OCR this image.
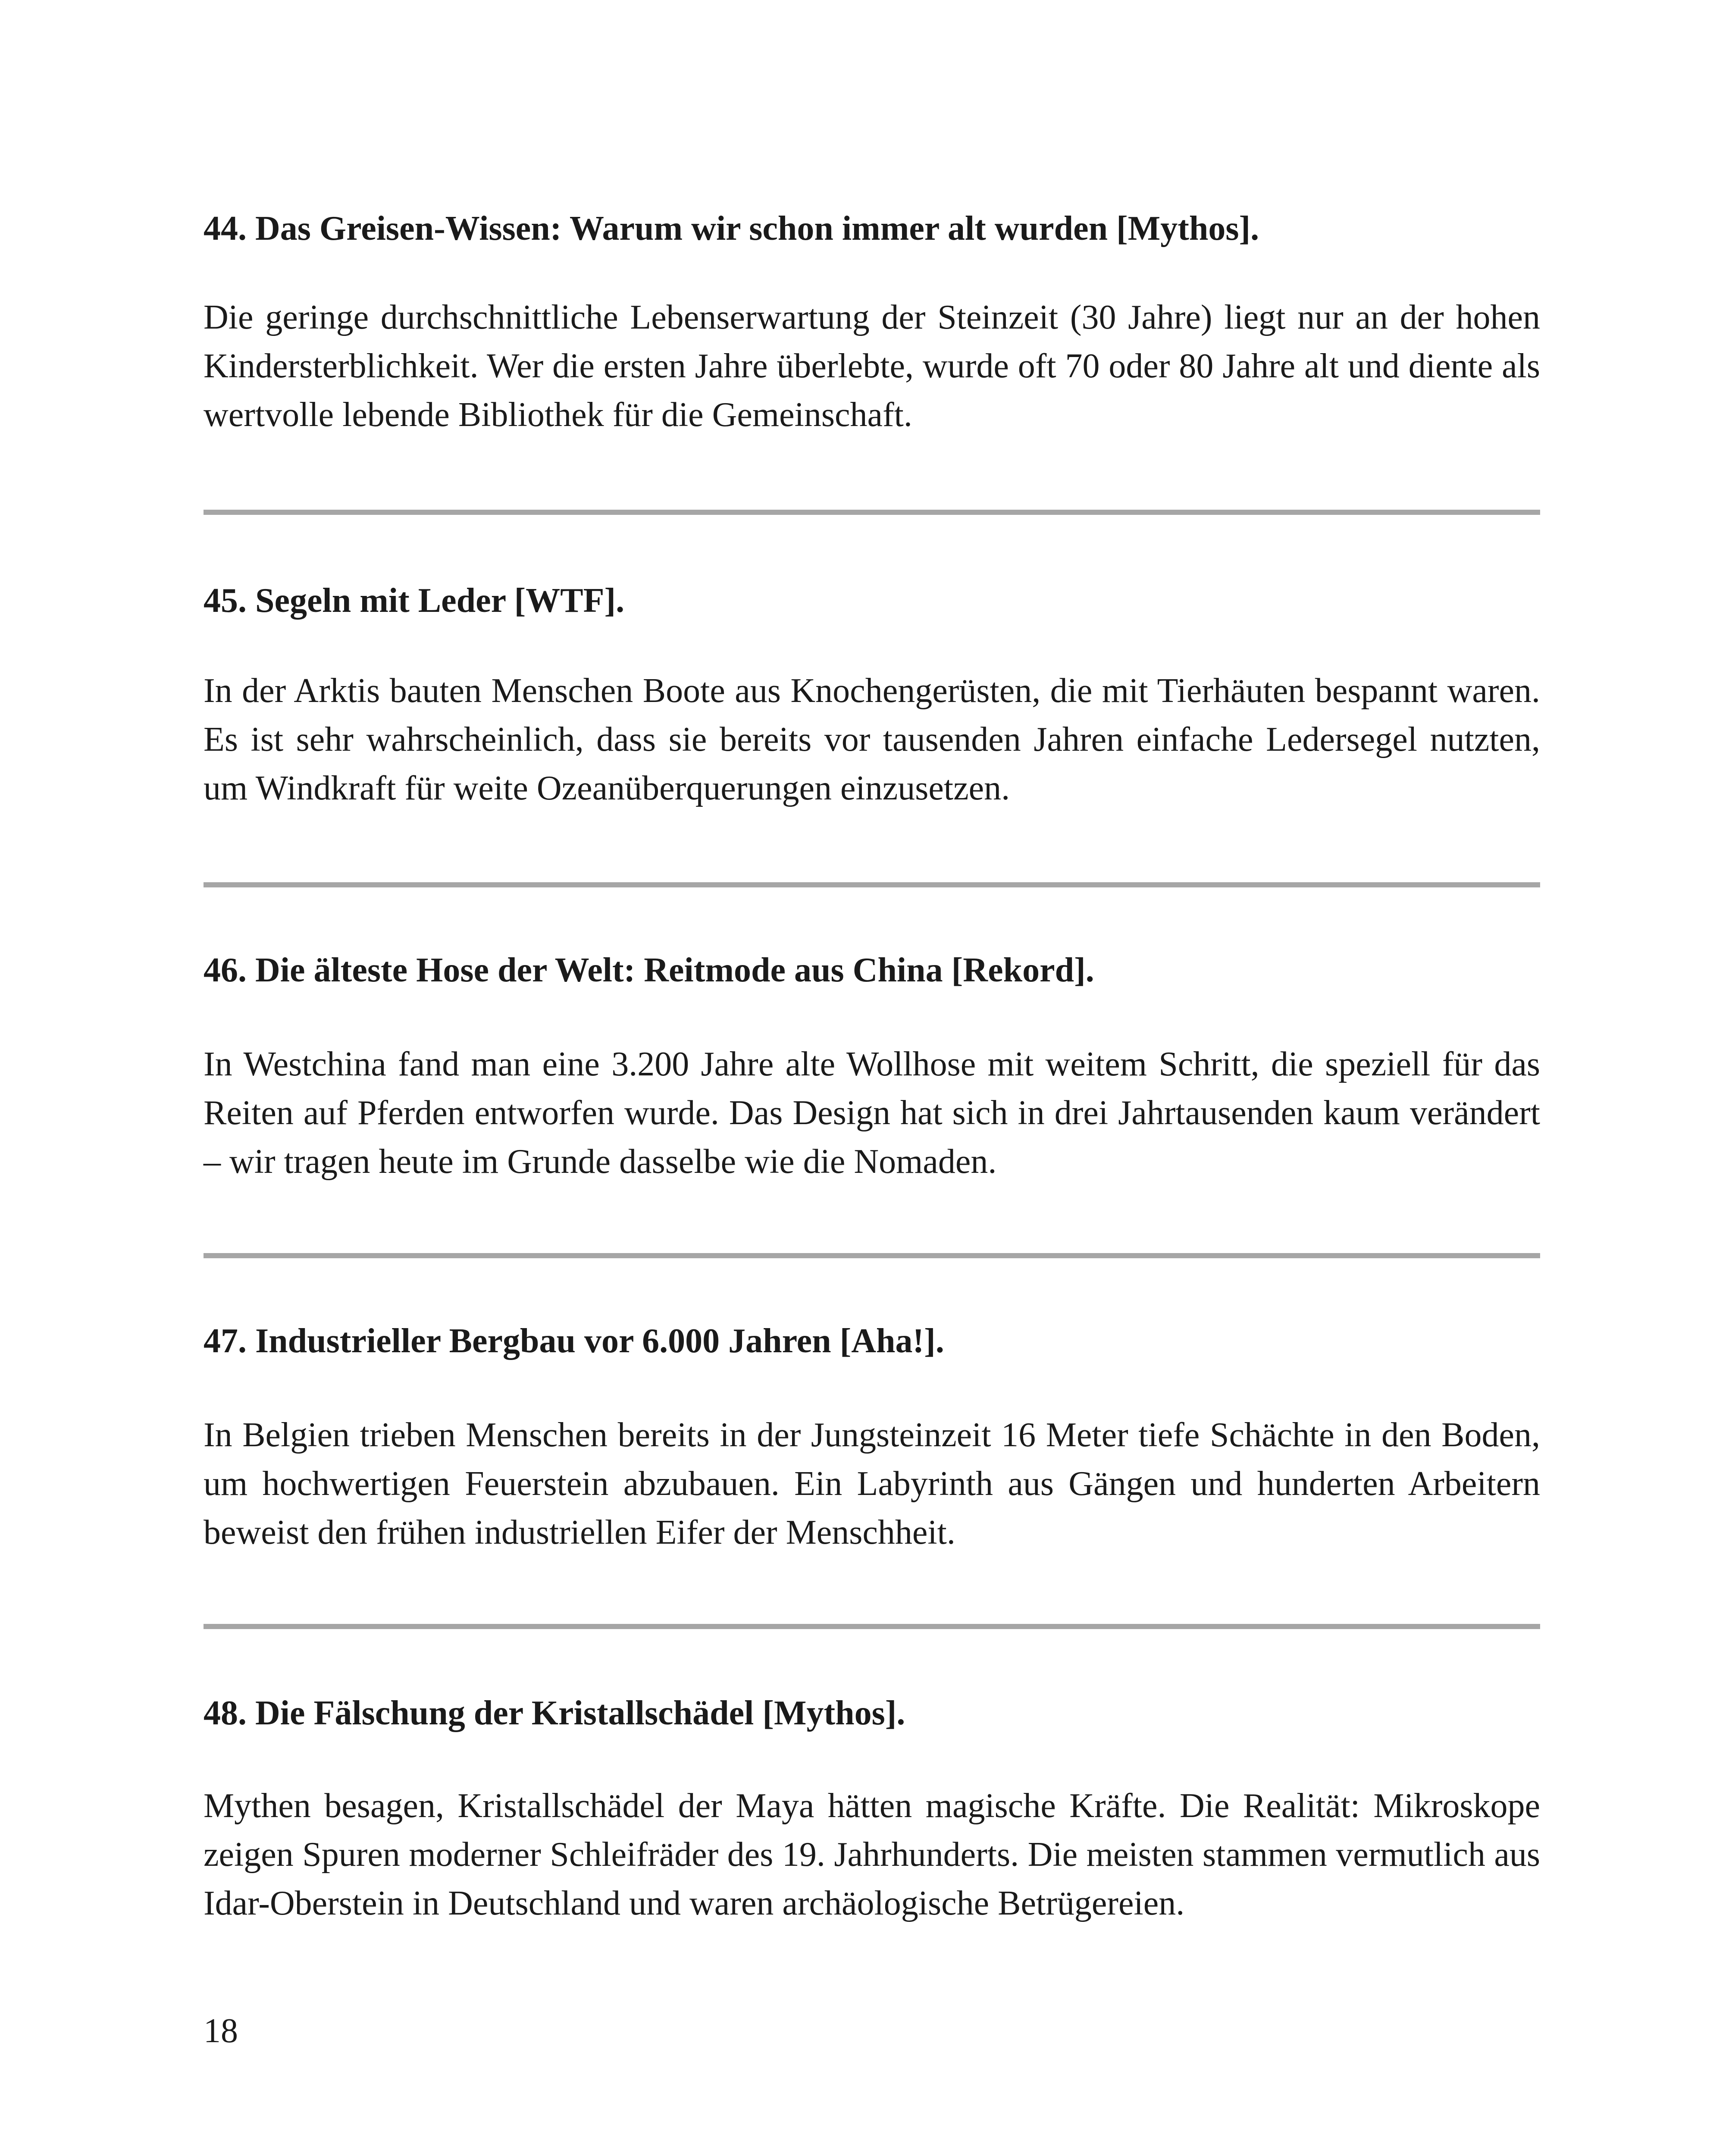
44. Das Greisen-Wissen: Warum wir schon immer alt wurden [Mythos].

Die geringe durchschnittliche Lebenserwartung der Steinzeit (30 Jahre) liegt nur an der hohen Kindersterblichkeit. Wer die ersten Jahre überlebte, wurde oft 70 oder 80 Jahre alt und diente als wertvolle lebende Bibliothek für die Gemeinschaft.

45. Segeln mit Leder [WTF].

In der Arktis bauten Menschen Boote aus Knochengerüsten, die mit Tierhäuten bespannt waren. Es ist sehr wahrscheinlich, dass sie bereits vor tausenden Jahren einfache Ledersegel nutzten, um Windkraft für weite Ozeanüberquerungen einzusetzen.

46. Die älteste Hose der Welt: Reitmode aus China [Rekord].

In Westchina fand man eine 3.200 Jahre alte Wollhose mit weitem Schritt, die speziell für das Reiten auf Pferden entworfen wurde. Das Design hat sich in drei Jahrtausenden kaum verändert – wir tragen heute im Grunde dasselbe wie die Nomaden.

47. Industrieller Bergbau vor 6.000 Jahren [Aha!].

In Belgien trieben Menschen bereits in der Jungsteinzeit 16 Meter tiefe Schächte in den Boden, um hochwertigen Feuerstein abzubauen. Ein Labyrinth aus Gängen und hunderten Arbeitern beweist den frühen industriellen Eifer der Menschheit.

48. Die Fälschung der Kristallschädel [Mythos].

Mythen besagen, Kristallschädel der Maya hätten magische Kräfte. Die Realität: Mikroskope zeigen Spuren moderner Schleifräder des 19. Jahrhunderts. Die meisten stammen vermutlich aus Idar-Oberstein in Deutschland und waren archäologische Betrügereien.

18
